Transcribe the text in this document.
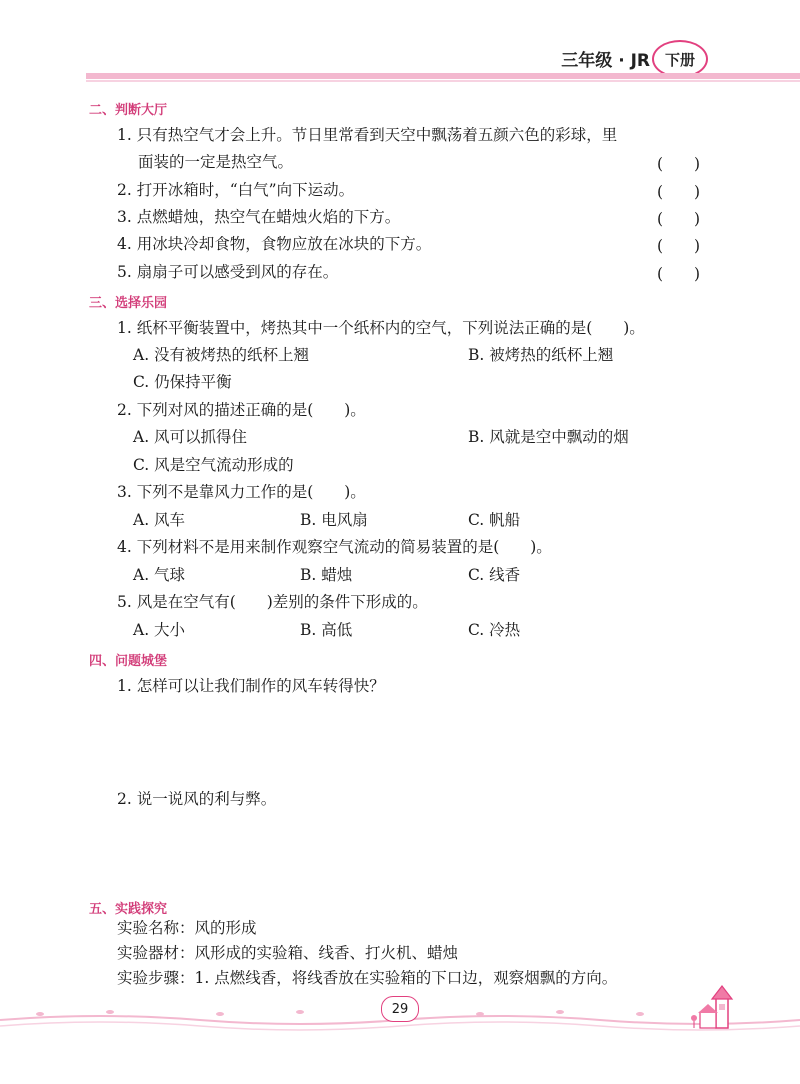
三年级 · JR 下册
二、判断大厅
1. 只有热空气才会上升。节日里常看到天空中飘荡着五颜六色的彩球，里
面装的一定是热空气。	(　　)
2. 打开冰箱时，“白气”向下运动。	(　　)
3. 点燃蜡烛，热空气在蜡烛火焰的下方。	(　　)
4. 用冰块冷却食物，食物应放在冰块的下方。	(　　)
5. 扇扇子可以感受到风的存在。	(　　)
三、选择乐园
1. 纸杯平衡装置中，烤热其中一个纸杯内的空气，下列说法正确的是(　　)。
A. 没有被烤热的纸杯上翘	B. 被烤热的纸杯上翘
C. 仍保持平衡
2. 下列对风的描述正确的是(　　)。
A. 风可以抓得住	B. 风就是空中飘动的烟
C. 风是空气流动形成的
3. 下列不是靠风力工作的是(　　)。
A. 风车	B. 电风扇	C. 帆船
4. 下列材料不是用来制作观察空气流动的简易装置的是(　　)。
A. 气球	B. 蜡烛	C. 线香
5. 风是在空气有(　　)差别的条件下形成的。
A. 大小	B. 高低	C. 冷热
四、问题城堡
1. 怎样可以让我们制作的风车转得快？
2. 说一说风的利与弊。
五、实践探究
实验名称：风的形成
实验器材：风形成的实验箱、线香、打火机、蜡烛
实验步骤：1. 点燃线香，将线香放在实验箱的下口边，观察烟飘的方向。
29
